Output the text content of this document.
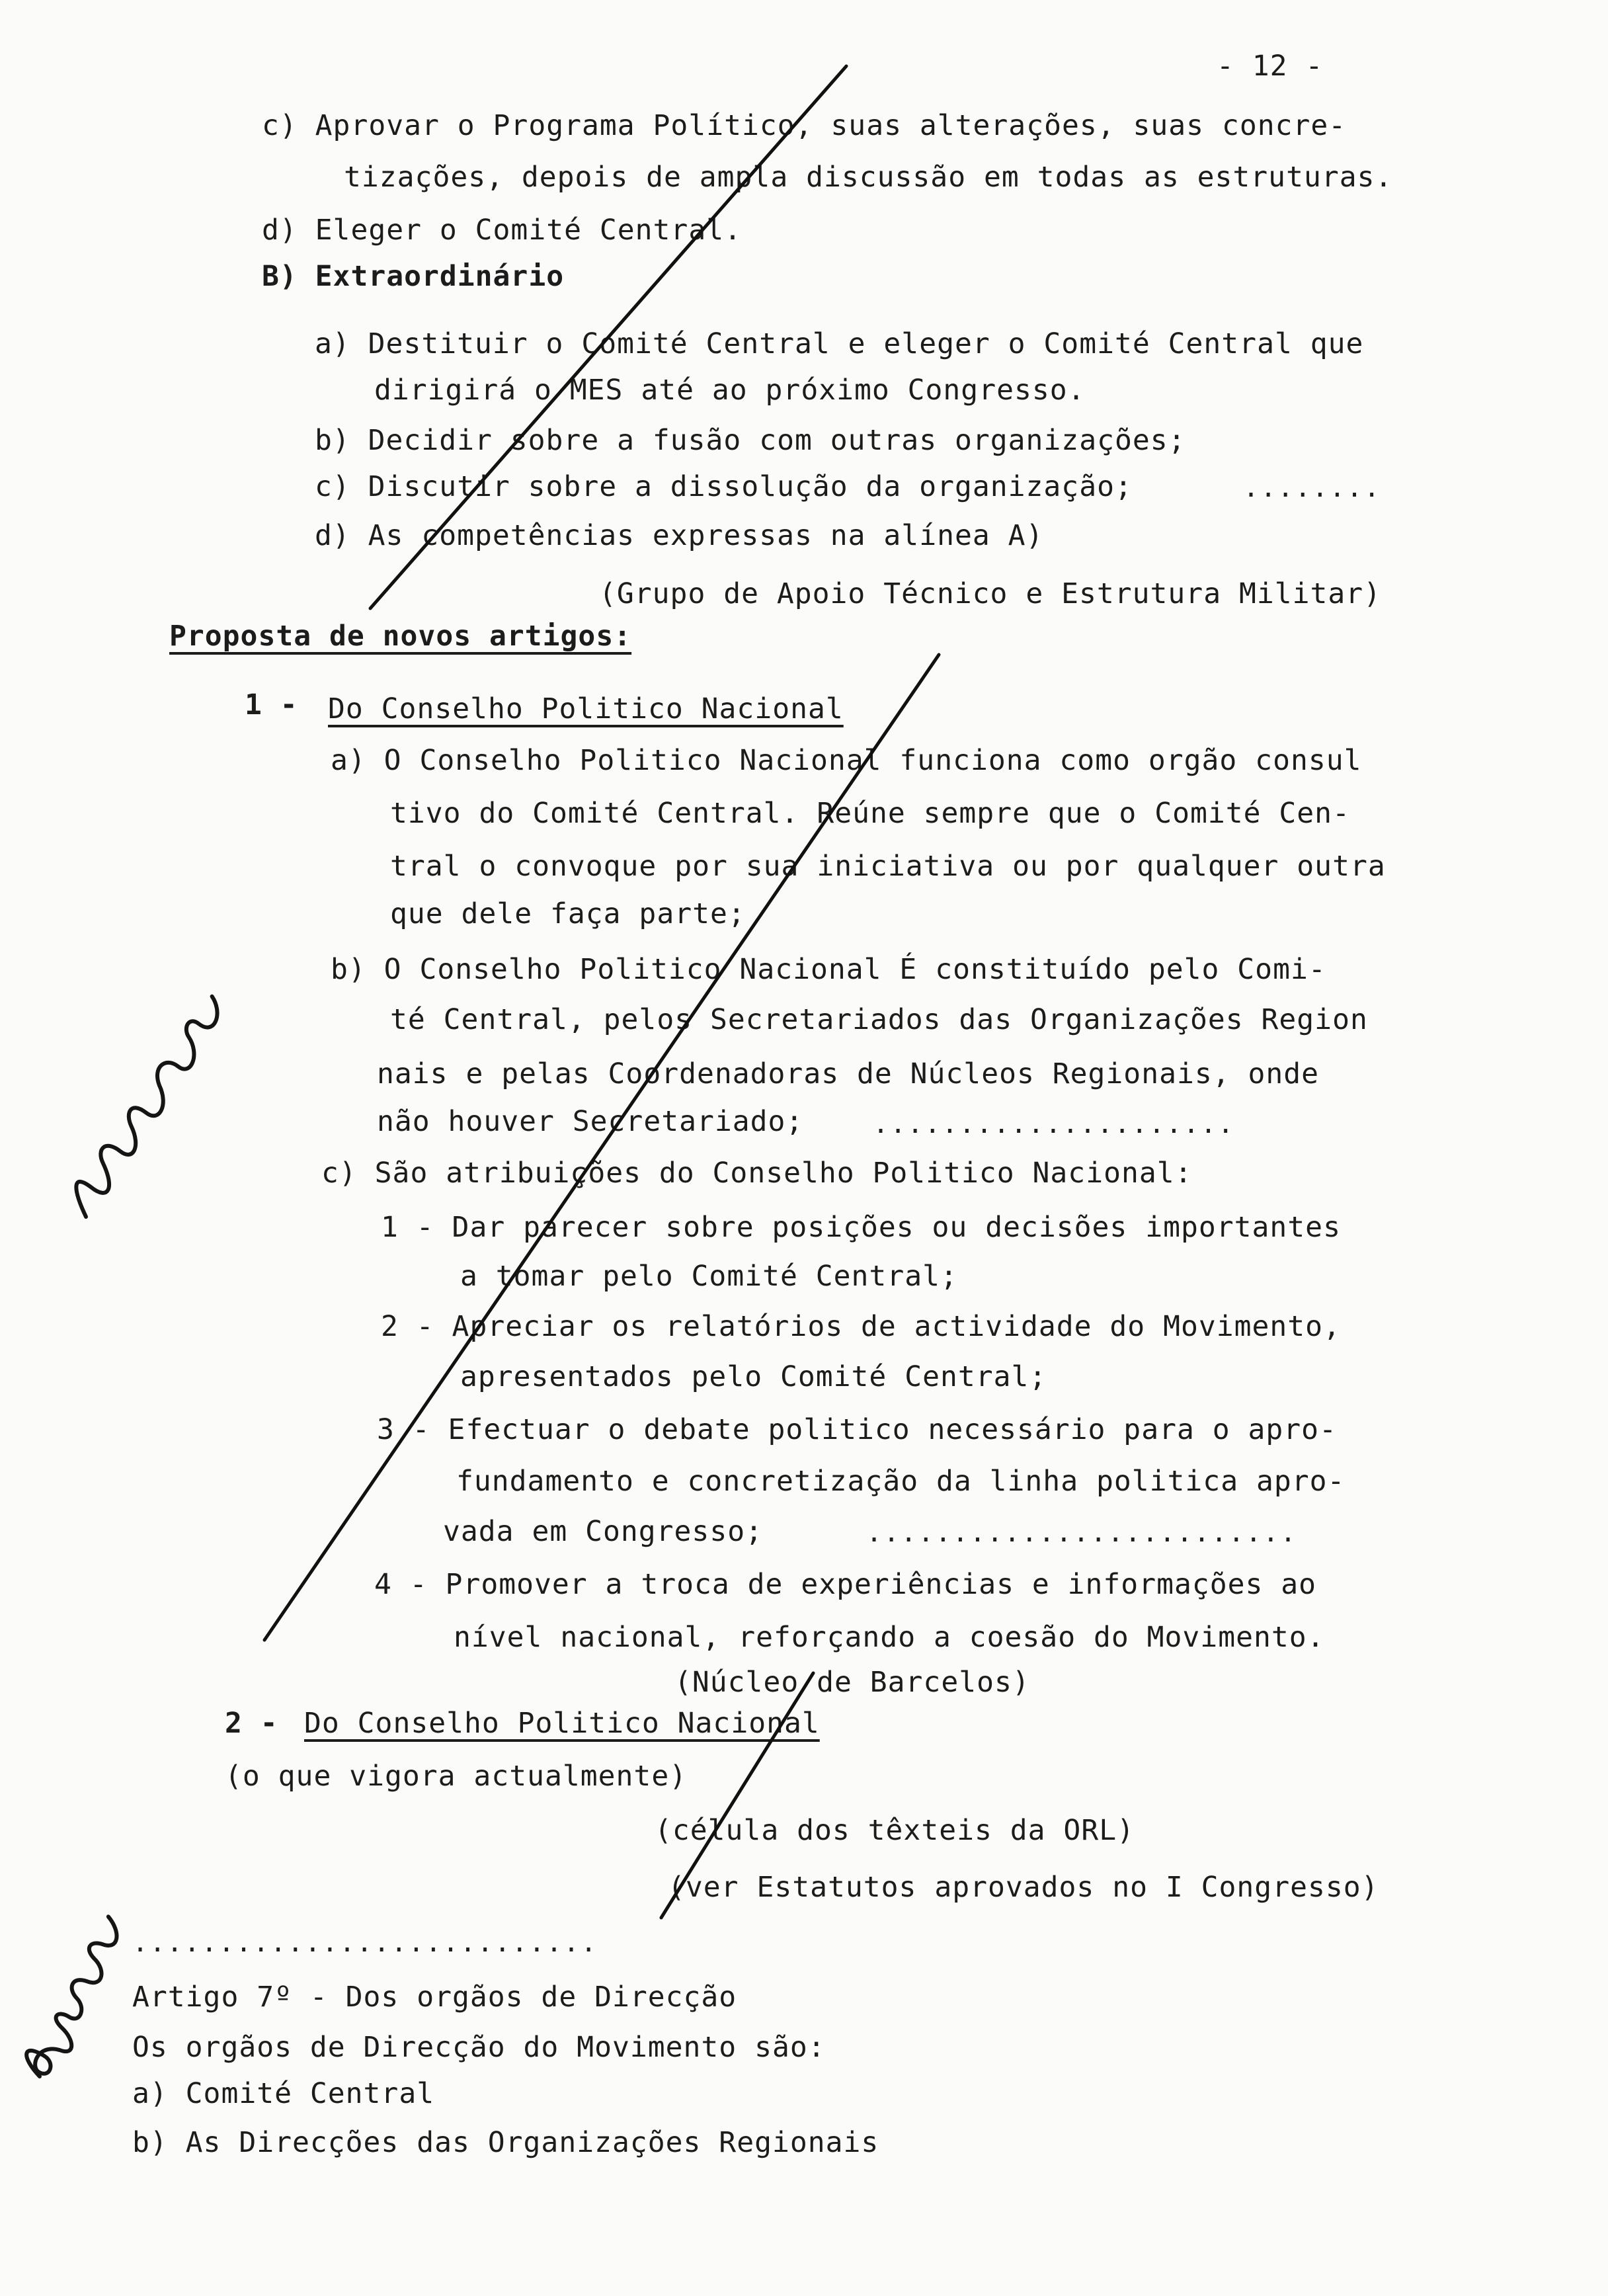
- 12 -
c) Aprovar o Programa Político, suas alterações, suas concre-
tizações, depois de ampla discussão em todas as estruturas.
d) Eleger o Comité Central.
B) Extraordinário
a) Destituir o Comité Central e eleger o Comité Central que
dirigirá o MES até ao próximo Congresso.
b) Decidir sobre a fusão com outras organizações;
c) Discutir sobre a dissolução da organização;	........
d) As competências expressas na alínea A)
(Grupo de Apoio Técnico e Estrutura Militar)
Proposta de novos artigos:
1 - Do Conselho Politico Nacional
a) O Conselho Politico Nacional funciona como orgão consul
tivo do Comité Central. Reúne sempre que o Comité Cen-
tral o convoque por sua iniciativa ou por qualquer outra
que dele faça parte;
b) O Conselho Politico Nacional É constituído pelo Comi-
té Central, pelos Secretariados das Organizações Region
nais e pelas Coordenadoras de Núcleos Regionais, onde
não houver Secretariado;	.....................
c) São atribuições do Conselho Politico Nacional:
1 - Dar parecer sobre posições ou decisões importantes
a tomar pelo Comité Central;
2 - Apreciar os relatórios de actividade do Movimento,
apresentados pelo Comité Central;
3 - Efectuar o debate politico necessário para o apro-
fundamento e concretização da linha politica apro-
vada em Congresso;	.........................
4 - Promover a troca de experiências e informações ao
nível nacional, reforçando a coesão do Movimento.
(Núcleo de Barcelos)
2 - Do Conselho Politico Nacional
(o que vigora actualmente)
(célula dos têxteis da ORL)
(ver Estatutos aprovados no I Congresso)
...........................
Artigo 7º - Dos orgãos de Direcção
Os orgãos de Direcção do Movimento são:
a) Comité Central
b) As Direcções das Organizações Regionais
